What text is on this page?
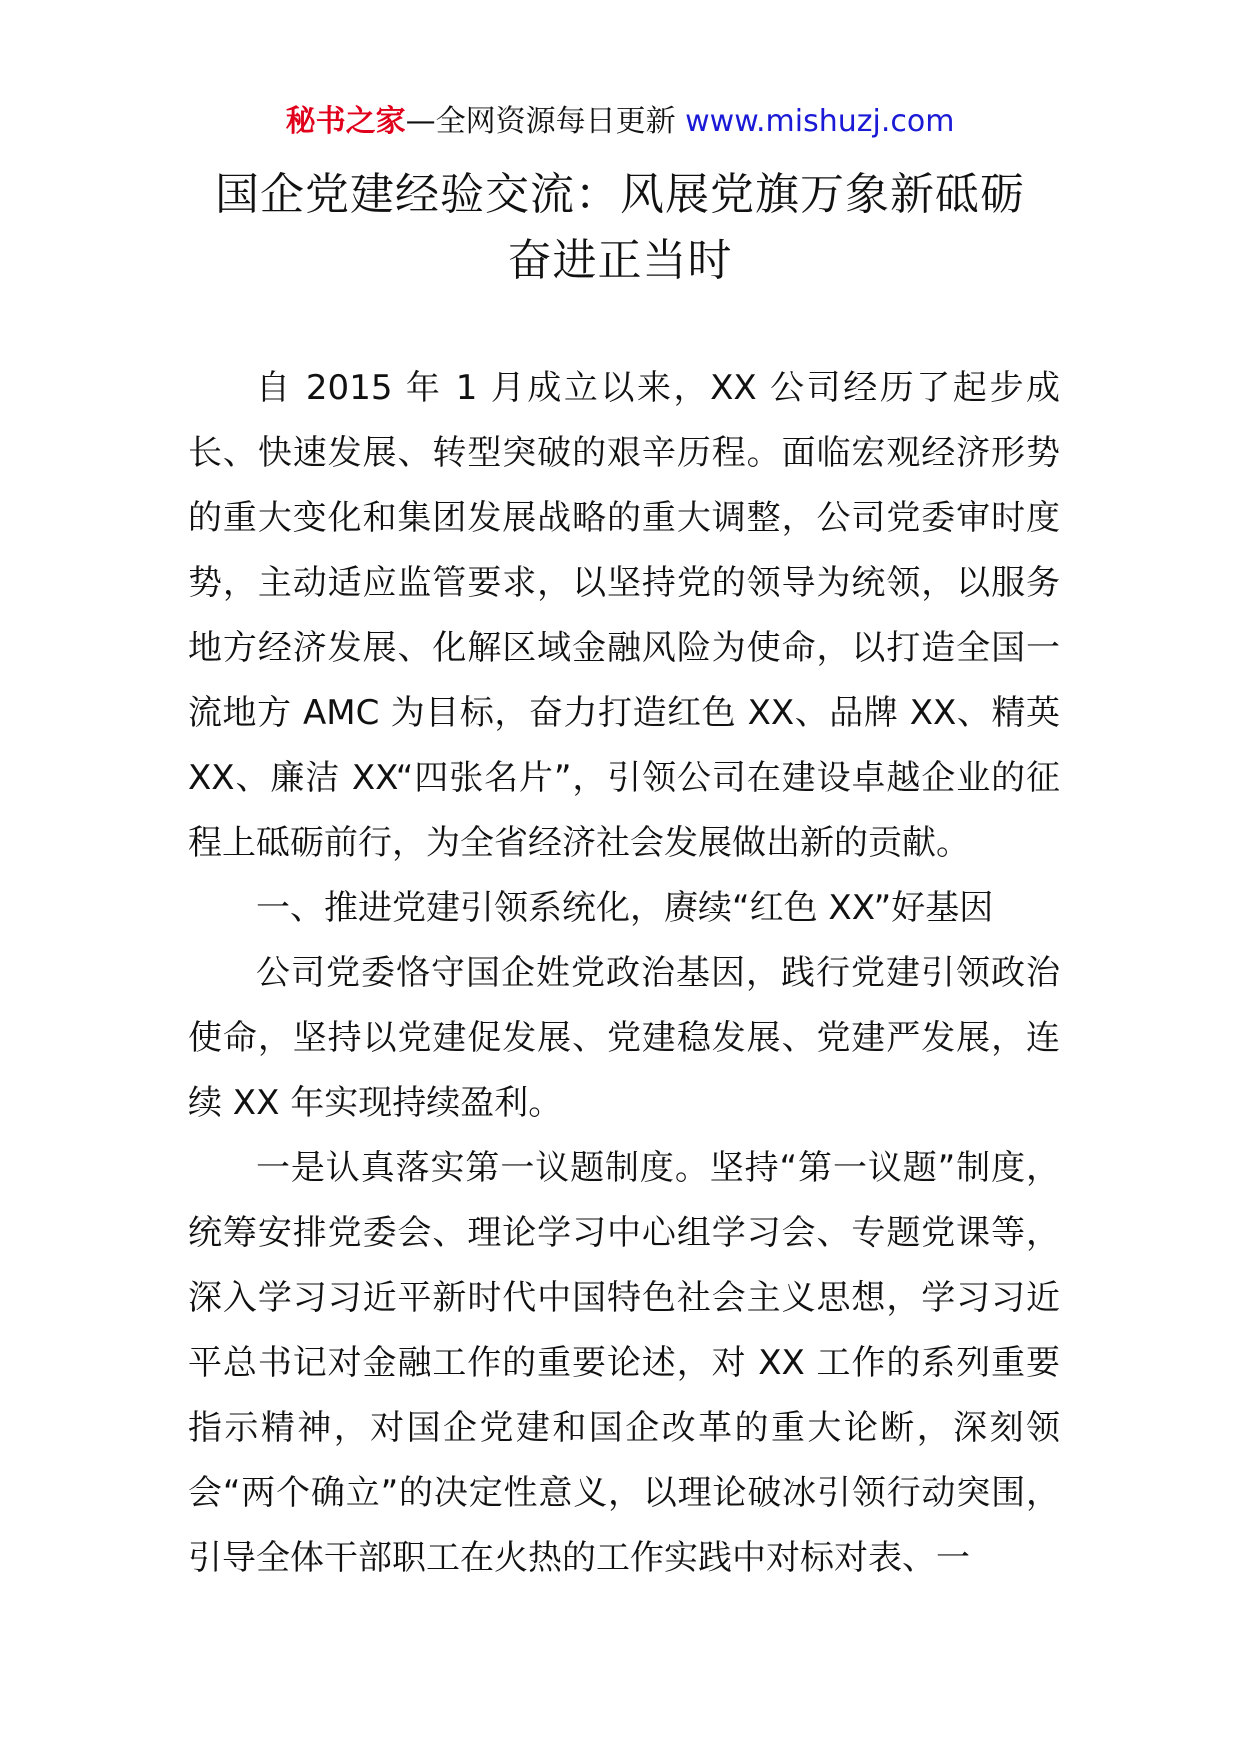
秘书之家—全网资源每日更新 www.mishuzj.com
国企党建经验交流：风展党旗万象新砥砺
奋进正当时

自 2015 年 1 月成立以来，XX 公司经历了起步成长、快速发展、转型突破的艰辛历程。面临宏观经济形势的重大变化和集团发展战略的重大调整，公司党委审时度势，主动适应监管要求，以坚持党的领导为统领，以服务地方经济发展、化解区域金融风险为使命，以打造全国一流地方 AMC 为目标，奋力打造红色 XX、品牌 XX、精英 XX、廉洁 XX“四张名片”，引领公司在建设卓越企业的征程上砥砺前行，为全省经济社会发展做出新的贡献。

一、推进党建引领系统化，赓续“红色 XX”好基因

公司党委恪守国企姓党政治基因，践行党建引领政治使命，坚持以党建促发展、党建稳发展、党建严发展，连续 XX 年实现持续盈利。

一是认真落实第一议题制度。坚持“第一议题”制度，统筹安排党委会、理论学习中心组学习会、专题党课等，深入学习习近平新时代中国特色社会主义思想，学习习近平总书记对金融工作的重要论述，对 XX 工作的系列重要指示精神，对国企党建和国企改革的重大论断，深刻领会“两个确立”的决定性意义，以理论破冰引领行动突围，引导全体干部职工在火热的工作实践中对标对表、一
